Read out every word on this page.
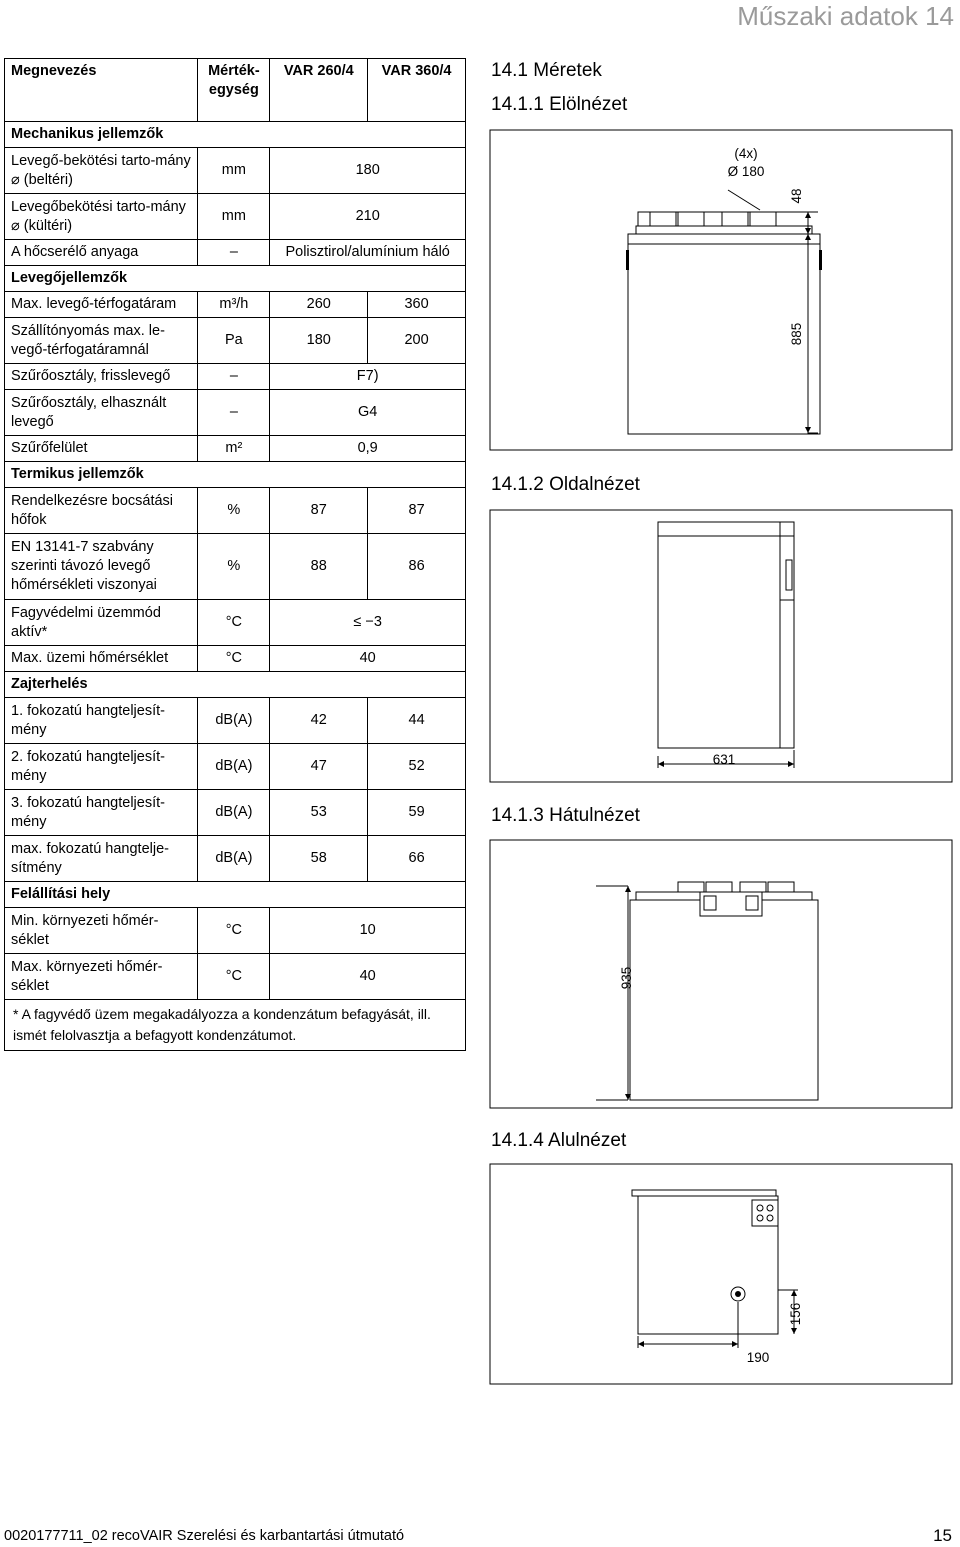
Műszaki adatok 14
Megnevezés	Mérték-egység	VAR 260/4	VAR 360/4
Mechanikus jellemzők			
Levegő-bekötési tarto-mány ⌀ (beltéri)	mm	180	
Levegőbekötési tarto-mány ⌀ (kültéri)	mm	210	
A hőcserélő anyaga	–	Polisztirol/alumínium háló	
Levegőjellemzők			
Max. levegő-térfogatáram	m³/h	260	360
Szállítónyomás max. le-vegő-térfogatáramnál	Pa	180	200
Szűrőosztály, frisslevegő	–	F7)	
Szűrőosztály, elhasznált levegő	–	G4	
Szűrőfelület	m²	0,9	
Termikus jellemzők			
Rendelkezésre bocsátási hőfok	%	87	87
EN 13141-7 szabvány szerinti távozó levegő hőmérsékleti viszonyai	%	88	86
Fagyvédelmi üzemmód aktív*	°C	≤ −3	
Max. üzemi hőmérséklet	°C	40	
Zajterhelés			
1. fokozatú hangteljesít-mény	dB(A)	42	44
2. fokozatú hangteljesít-mény	dB(A)	47	52
3. fokozatú hangteljesít-mény	dB(A)	53	59
max. fokozatú hangtelje-sítmény	dB(A)	58	66
Felállítási hely			
Min. környezeti hőmér-séklet	°C	10	
Max. környezeti hőmér-séklet	°C	40	
* A fagyvédő üzem megakadályozza a kondenzátum befagyását, ill. ismét felolvasztja a befagyott kondenzátumot.			
14.1 Méretek
14.1.1 Elölnézet
14.1.2 Oldalnézet
14.1.3 Hátulnézet
14.1.4 Alulnézet
(4x)
Ø 180
48
885
631
935
156
190
0020177711_02 recoVAIR Szerelési és karbantartási útmutató	15
